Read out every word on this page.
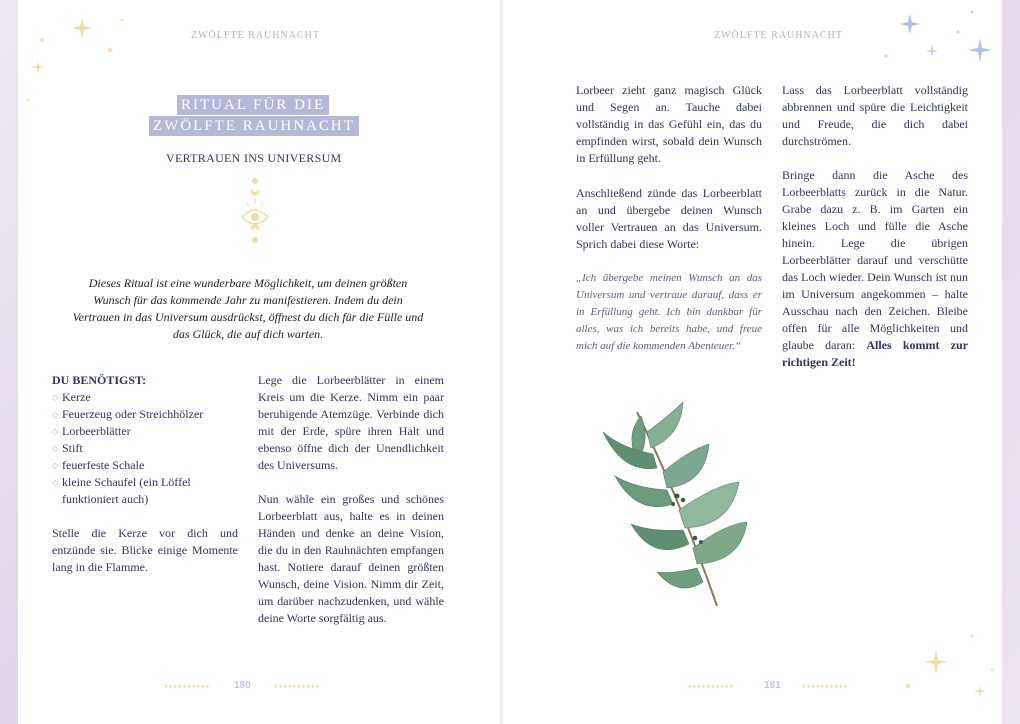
ZWÖLFTE RAUHNACHT
RITUAL FÜR DIE
ZWÖLFTE RAUHNACHT
VERTRAUEN INS UNIVERSUM
Dieses Ritual ist eine wunderbare Möglichkeit, um deinen größten Wunsch für das kommende Jahr zu manifestieren. Indem du dein Vertrauen in das Universum ausdrückst, öffnest du dich für die Fülle und das Glück, die auf dich warten.
DU BENÖTIGST:
◇ Kerze
◇ Feuerzeug oder Streichhölzer
◇ Lorbeerblätter
◇ Stift
◇ feuerfeste Schale
◇ kleine Schaufel (ein Löffel funktioniert auch)
Stelle die Kerze vor dich und entzünde sie. Blicke einige Momente lang in die Flamme.
Lege die Lorbeerblätter in einem Kreis um die Kerze. Nimm ein paar beruhigende Atemzüge. Verbinde dich mit der Erde, spüre ihren Halt und ebenso öffne dich der Unendlichkeit des Universums.
Nun wähle ein großes und schönes Lorbeerblatt aus, halte es in deinen Händen und denke an deine Vision, die du in den Rauhnächten empfangen hast. Notiere darauf deinen größten Wunsch, deine Vision. Nimm dir Zeit, um darüber nachzudenken, und wähle deine Worte sorgfältig aus.
●●●●●●●●●● 180	●●●●●●●●●●
ZWÖLFTE RAUHNACHT
Lorbeer zieht ganz magisch Glück und Segen an. Tauche dabei vollständig in das Gefühl ein, das du empfinden wirst, sobald dein Wunsch in Erfüllung geht.
Anschließend zünde das Lorbeerblatt an und übergebe deinen Wunsch voller Vertrauen an das Universum. Sprich dabei diese Worte:
„Ich übergebe meinen Wunsch an das Universum und vertraue darauf, dass er in Erfüllung geht. Ich bin dankbar für alles, was ich bereits habe, und freue mich auf die kommenden Abenteuer.“
Lass das Lorbeerblatt vollständig abbrennen und spüre die Leichtigkeit und Freude, die dich dabei durchströmen.
Bringe dann die Asche des Lorbeerblatts zurück in die Natur. Grabe dazu z. B. im Garten ein kleines Loch und fülle die Asche hinein. Lege die übrigen Lorbeerblätter darauf und verschütte das Loch wieder. Dein Wunsch ist nun im Universum angekommen – halte Ausschau nach den Zeichen. Bleibe offen für alle Möglichkeiten und glaube daran: Alles kommt zur richtigen Zeit!
●●●●●●●●●●	181	●●●●●●●●●●
